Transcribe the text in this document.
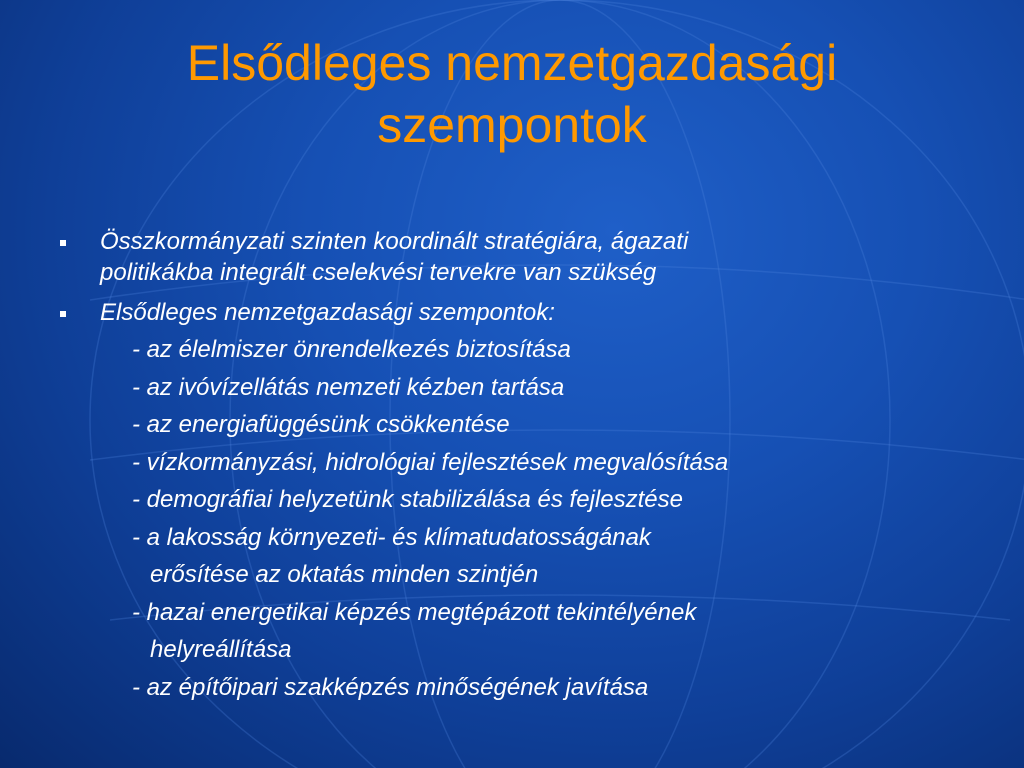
Elsődleges nemzetgazdasági
szempontok
Összkormányzati szinten koordinált stratégiára, ágazati
politikákba integrált cselekvési tervekre van szükség
Elsődleges nemzetgazdasági szempontok:
- az élelmiszer önrendelkezés biztosítása
- az ivóvízellátás nemzeti kézben tartása
- az energiafüggésünk csökkentése
- vízkormányzási, hidrológiai fejlesztések megvalósítása
- demográfiai helyzetünk stabilizálása és fejlesztése
- a lakosság környezeti- és klímatudatosságának
erősítése az oktatás minden szintjén
- hazai energetikai képzés megtépázott tekintélyének
helyreállítása
- az építőipari szakképzés minőségének javítása
